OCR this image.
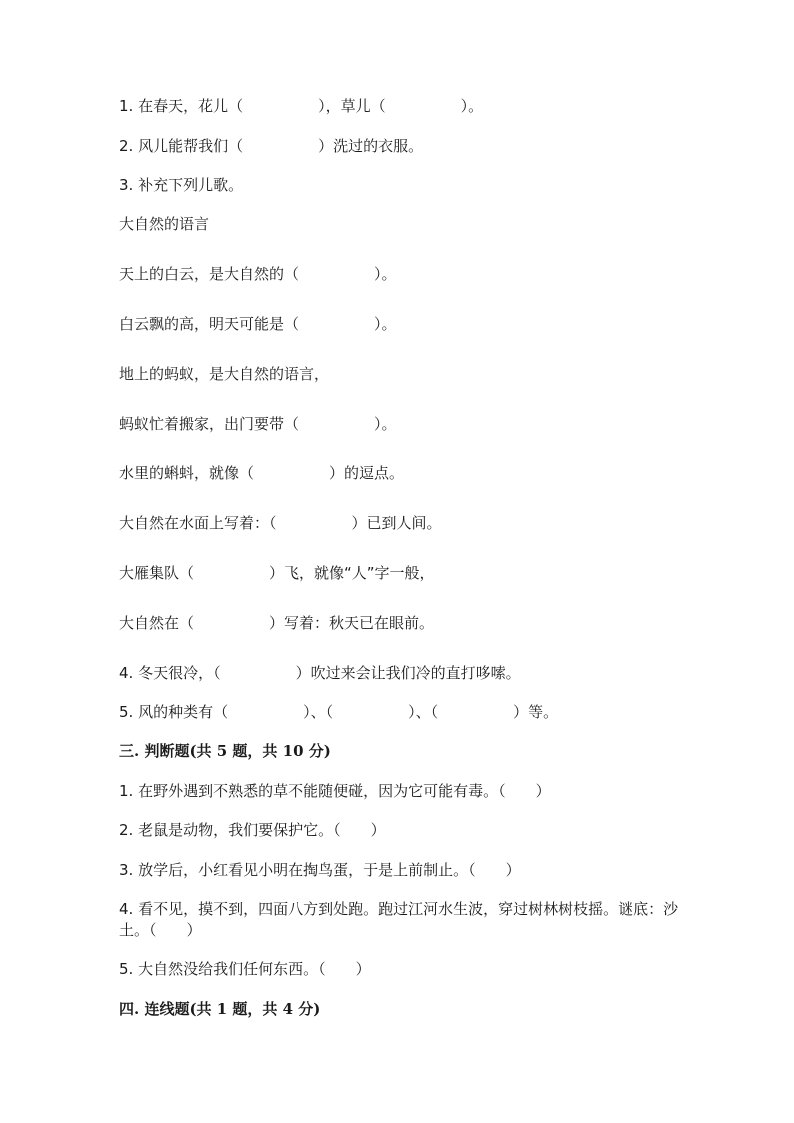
1. 在春天，花儿（　　　　　），草儿（　　　　　）。
2. 风儿能帮我们（　　　　　）洗过的衣服。
3. 补充下列儿歌。
大自然的语言
天上的白云，是大自然的（　　　　　）。
白云飘的高，明天可能是（　　　　　）。
地上的蚂蚁，是大自然的语言，
蚂蚁忙着搬家，出门要带（　　　　　）。
水里的蝌蚪，就像（　　　　　）的逗点。
大自然在水面上写着：（　　　　　）已到人间。
大雁集队（　　　　　）飞，就像“人”字一般，
大自然在（　　　　　）写着：秋天已在眼前。
4. 冬天很冷，（　　　　　）吹过来会让我们冷的直打哆嗦。
5. 风的种类有（　　　　　）、（　　　　　）、（　　　　　）等。
三. 判断题(共 5 题，共 10 分)
1. 在野外遇到不熟悉的草不能随便碰，因为它可能有毒。（　　）
2. 老鼠是动物，我们要保护它。（　　）
3. 放学后，小红看见小明在掏鸟蛋，于是上前制止。（　　）
4. 看不见，摸不到，四面八方到处跑。跑过江河水生波，穿过树林树枝摇。谜底：沙土。（　　）
5. 大自然没给我们任何东西。（　　）
四. 连线题(共 1 题，共 4 分)
